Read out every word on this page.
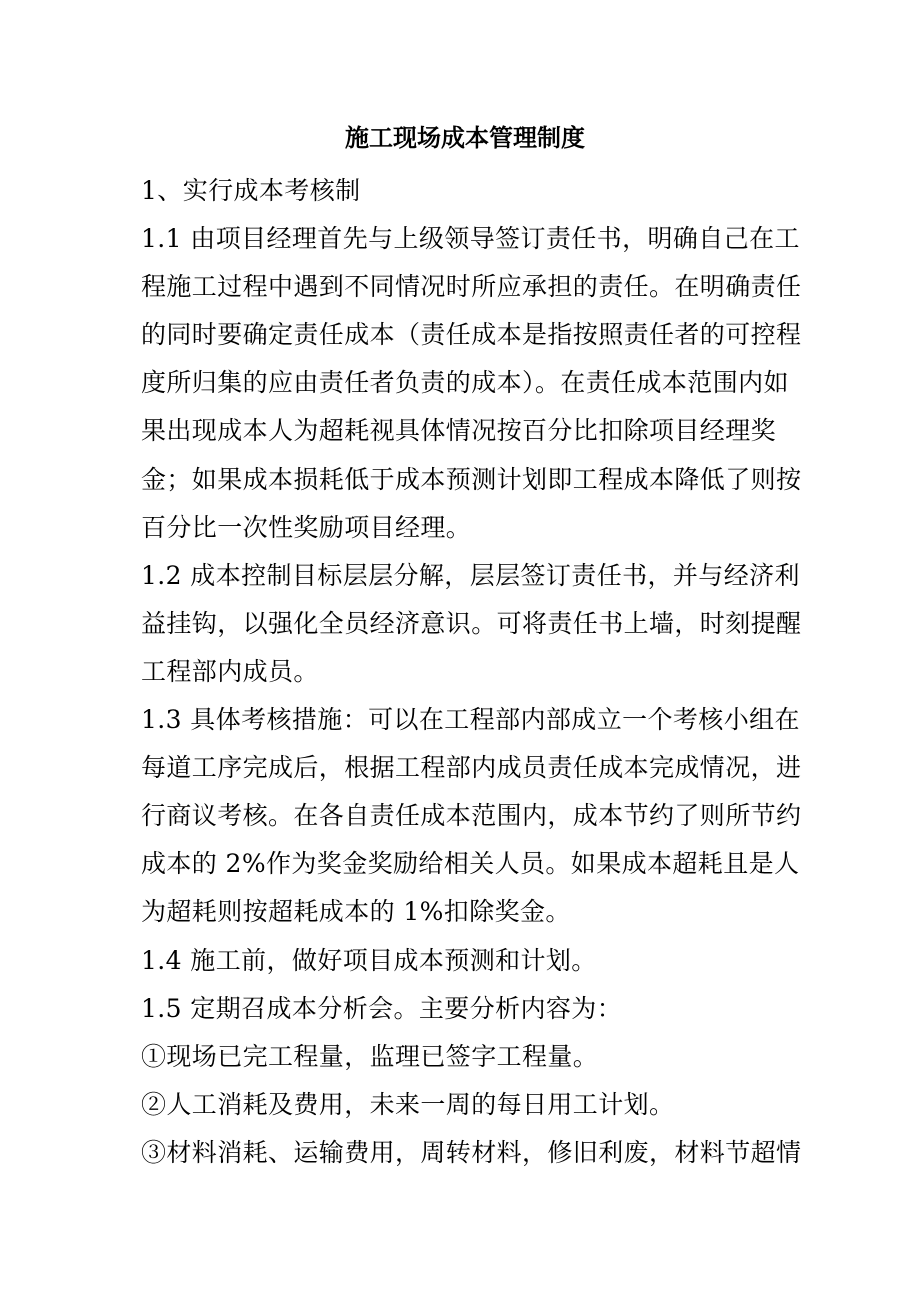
施工现场成本管理制度
1、实行成本考核制
1.1 由项目经理首先与上级领导签订责任书，明确自己在工
程施工过程中遇到不同情况时所应承担的责任。在明确责任
的同时要确定责任成本（责任成本是指按照责任者的可控程
度所归集的应由责任者负责的成本）。在责任成本范围内如
果出现成本人为超耗视具体情况按百分比扣除项目经理奖
金；如果成本损耗低于成本预测计划即工程成本降低了则按
百分比一次性奖励项目经理。
1.2 成本控制目标层层分解，层层签订责任书，并与经济利
益挂钩，以强化全员经济意识。可将责任书上墙，时刻提醒
工程部内成员。
1.3 具体考核措施：可以在工程部内部成立一个考核小组在
每道工序完成后，根据工程部内成员责任成本完成情况，进
行商议考核。在各自责任成本范围内，成本节约了则所节约
成本的 2%作为奖金奖励给相关人员。如果成本超耗且是人
为超耗则按超耗成本的 1%扣除奖金。
1.4 施工前，做好项目成本预测和计划。
1.5 定期召成本分析会。主要分析内容为：
①现场已完工程量，监理已签字工程量。
②人工消耗及费用，未来一周的每日用工计划。
③材料消耗、运输费用，周转材料，修旧利废，材料节超情
